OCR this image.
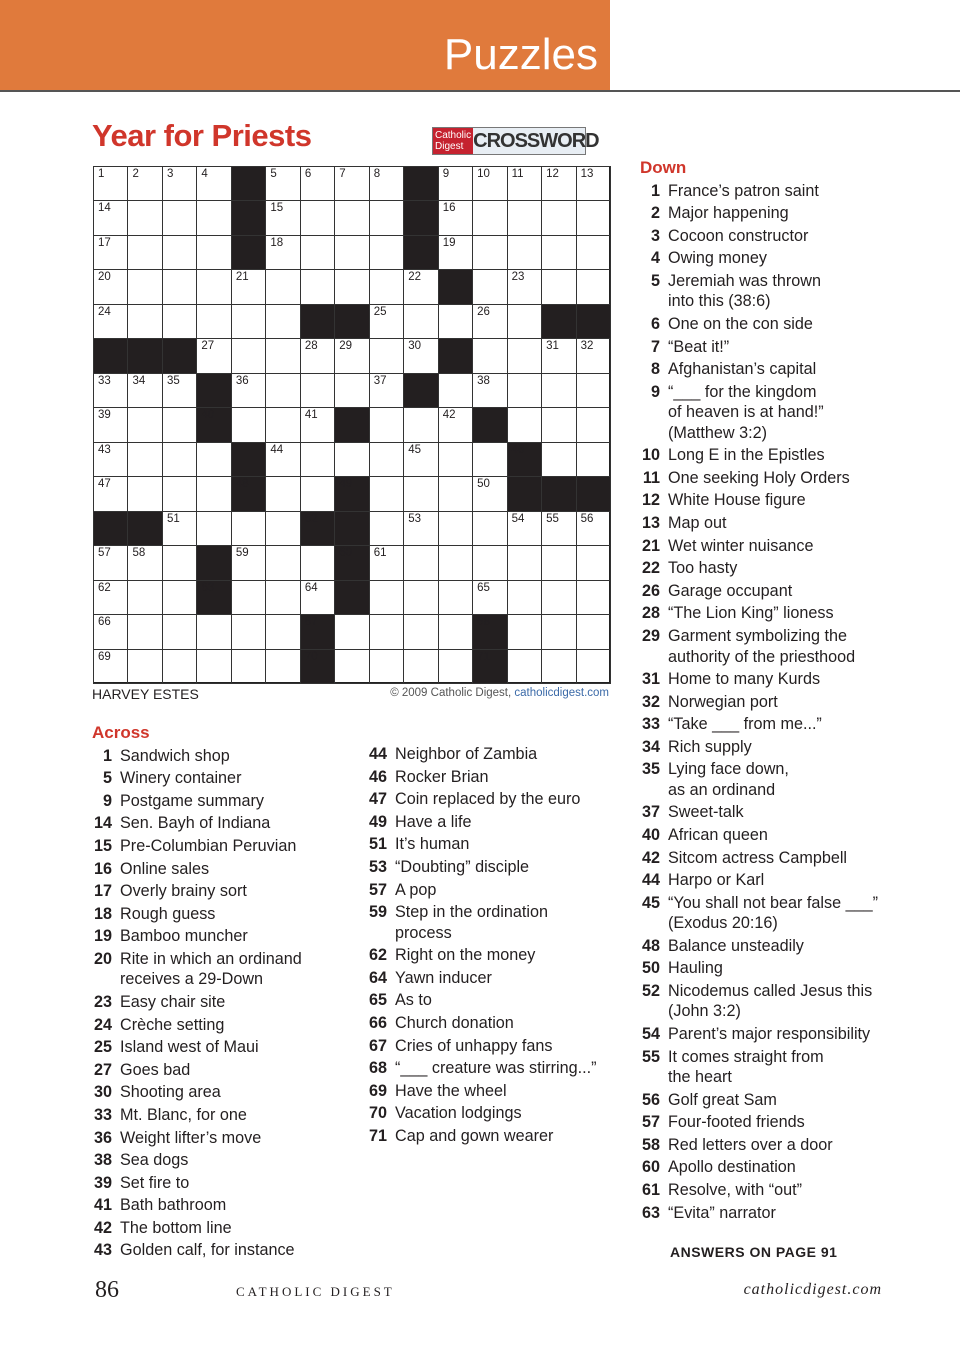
Puzzles
Year for Priests	Catholic Digest CROSSWORD
1 2 3 4	5 6 7 8	9 10 11 12 13
14	15	16
17	18	19
20	21	22	23
24	25	26
27	28 29	30	31 32
33 34 35	36	37	38
39	40	41	42
43	44	45	46
47	48	49	50
51	52	53	54 55 56
57 58	59	60 61
62	63	64	65
66	67	68
69	70	71
HARVEY ESTES	© 2009 Catholic Digest, catholicdigest.com
Across
1 Sandwich shop
5 Winery container
9 Postgame summary
14 Sen. Bayh of Indiana
15 Pre-Columbian Peruvian
16 Online sales
17 Overly brainy sort
18 Rough guess
19 Bamboo muncher
20 Rite in which an ordinand
receives a 29-Down
23 Easy chair site
24 Crèche setting
25 Island west of Maui
27 Goes bad
30 Shooting area
33 Mt. Blanc, for one
36 Weight lifter’s move
38 Sea dogs
39 Set fire to
41 Bath bathroom
42 The bottom line
43 Golden calf, for instance
44 Neighbor of Zambia
46 Rocker Brian
47 Coin replaced by the euro
49 Have a life
51 It’s human
53 “Doubting” disciple
57 A pop
59 Step in the ordination
process
62 Right on the money
64 Yawn inducer
65 As to
66 Church donation
67 Cries of unhappy fans
68 “___ creature was stirring...”
69 Have the wheel
70 Vacation lodgings
71 Cap and gown wearer
Down
1 France’s patron saint
2 Major happening
3 Cocoon constructor
4 Owing money
5 Jeremiah was thrown
into this (38:6)
6 One on the con side
7 “Beat it!”
8 Afghanistan’s capital
9 “___ for the kingdom
of heaven is at hand!”
(Matthew 3:2)
10 Long E in the Epistles
11 One seeking Holy Orders
12 White House figure
13 Map out
21 Wet winter nuisance
22 Too hasty
26 Garage occupant
28 “The Lion King” lioness
29 Garment symbolizing the
authority of the priesthood
31 Home to many Kurds
32 Norwegian port
33 “Take ___ from me...”
34 Rich supply
35 Lying face down,
as an ordinand
37 Sweet-talk
40 African queen
42 Sitcom actress Campbell
44 Harpo or Karl
45 “You shall not bear false ___”
(Exodus 20:16)
48 Balance unsteadily
50 Hauling
52 Nicodemus called Jesus this
(John 3:2)
54 Parent’s major responsibility
55 It comes straight from
the heart
56 Golf great Sam
57 Four-footed friends
58 Red letters over a door
60 Apollo destination
61 Resolve, with “out”
63 “Evita” narrator
ANSWERS ON PAGE 91
86	CATHOLIC DIGEST	catholicdigest.com
